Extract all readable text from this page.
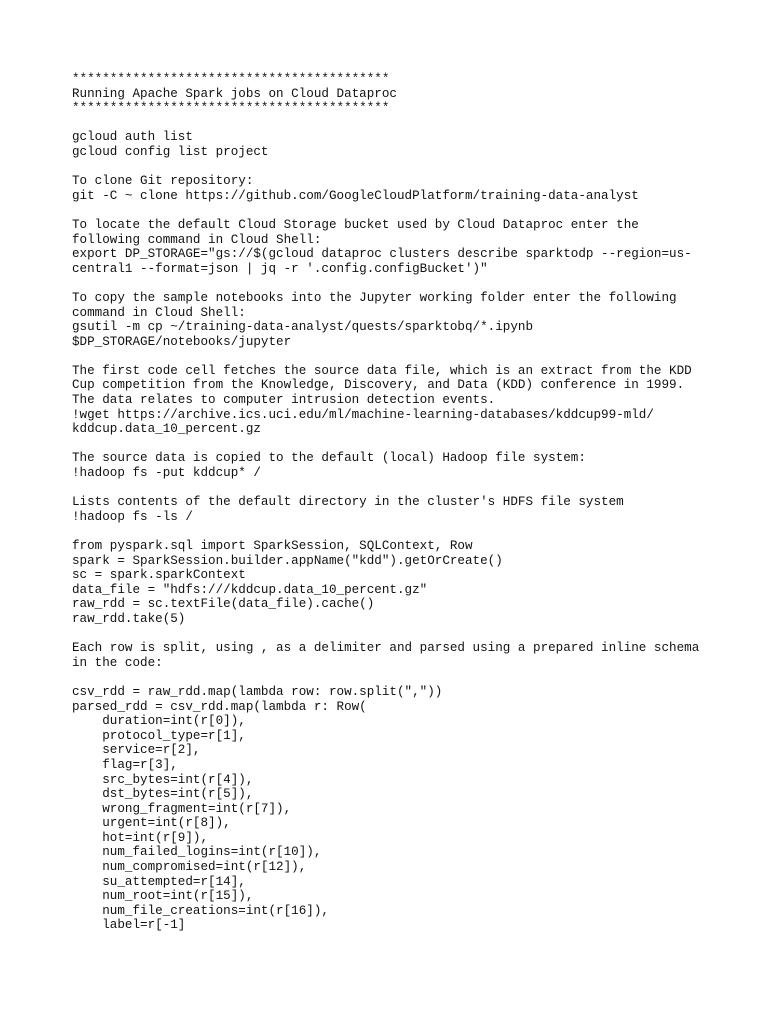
******************************************
Running Apache Spark jobs on Cloud Dataproc
******************************************
gcloud auth list
gcloud config list project
To clone Git repository:
git -C ~ clone https://github.com/GoogleCloudPlatform/training-data-analyst
To locate the default Cloud Storage bucket used by Cloud Dataproc enter the
following command in Cloud Shell:
export DP_STORAGE="gs://$(gcloud dataproc clusters describe sparktodp --region=us-
central1 --format=json | jq -r '.config.configBucket')"
To copy the sample notebooks into the Jupyter working folder enter the following
command in Cloud Shell:
gsutil -m cp ~/training-data-analyst/quests/sparktobq/*.ipynb
$DP_STORAGE/notebooks/jupyter
The first code cell fetches the source data file, which is an extract from the KDD
Cup competition from the Knowledge, Discovery, and Data (KDD) conference in 1999.
The data relates to computer intrusion detection events.
!wget https://archive.ics.uci.edu/ml/machine-learning-databases/kddcup99-mld/
kddcup.data_10_percent.gz
The source data is copied to the default (local) Hadoop file system:
!hadoop fs -put kddcup* /
Lists contents of the default directory in the cluster's HDFS file system
!hadoop fs -ls /
from pyspark.sql import SparkSession, SQLContext, Row
spark = SparkSession.builder.appName("kdd").getOrCreate()
sc = spark.sparkContext
data_file = "hdfs:///kddcup.data_10_percent.gz"
raw_rdd = sc.textFile(data_file).cache()
raw_rdd.take(5)
Each row is split, using , as a delimiter and parsed using a prepared inline schema
in the code:
csv_rdd = raw_rdd.map(lambda row: row.split(","))
parsed_rdd = csv_rdd.map(lambda r: Row(
duration=int(r[0]),
protocol_type=r[1],
service=r[2],
flag=r[3],
src_bytes=int(r[4]),
dst_bytes=int(r[5]),
wrong_fragment=int(r[7]),
urgent=int(r[8]),
hot=int(r[9]),
num_failed_logins=int(r[10]),
num_compromised=int(r[12]),
su_attempted=r[14],
num_root=int(r[15]),
num_file_creations=int(r[16]),
label=r[-1]
